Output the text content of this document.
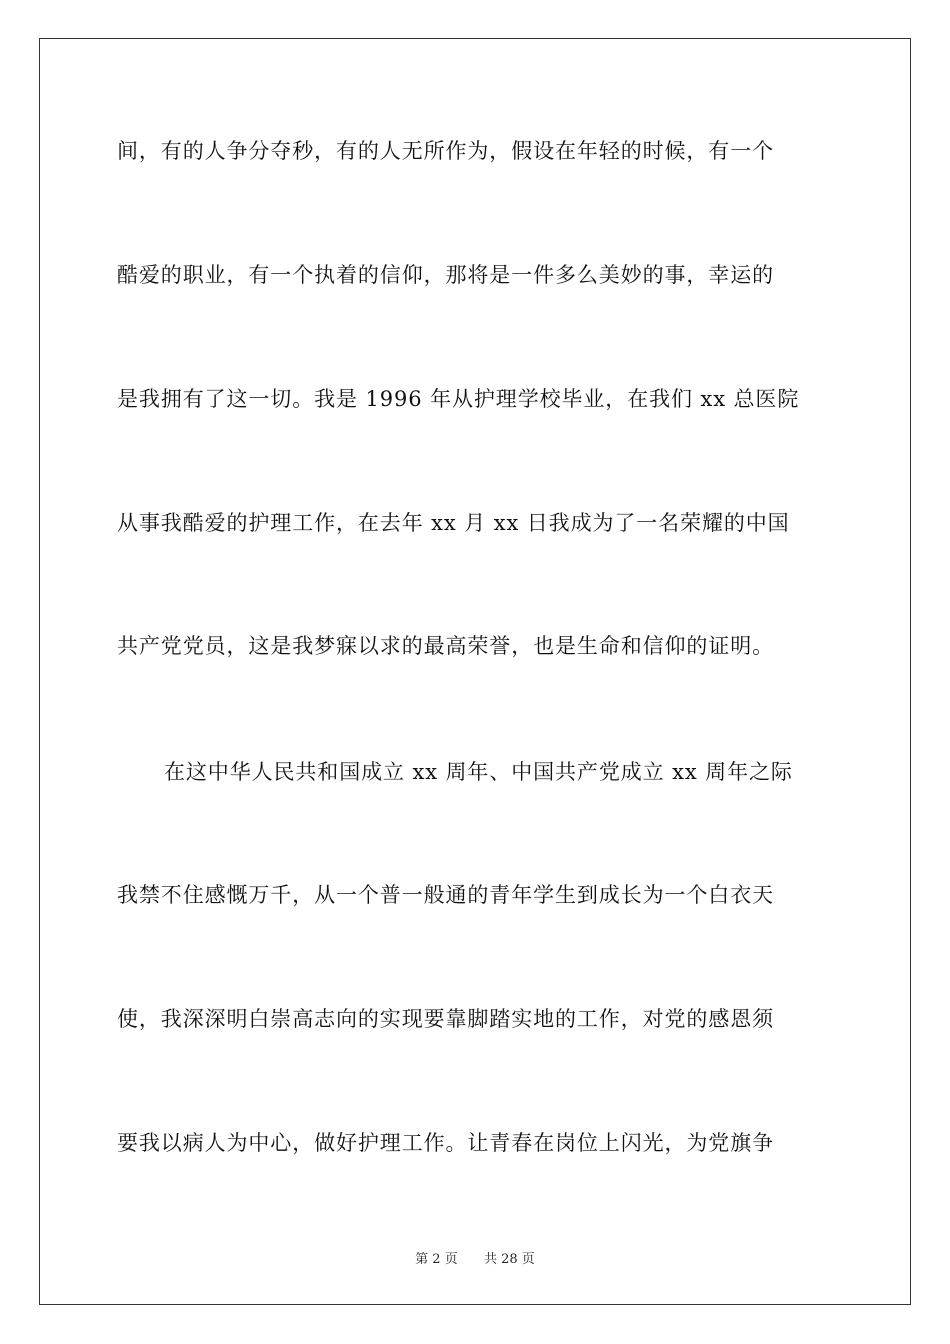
间，有的人争分夺秒，有的人无所作为，假设在年轻的时候，有一个
酷爱的职业，有一个执着的信仰，那将是一件多么美妙的事，幸运的
是我拥有了这一切。我是 1996 年从护理学校毕业，在我们 xx 总医院
从事我酷爱的护理工作，在去年 xx 月 xx 日我成为了一名荣耀的中国
共产党党员，这是我梦寐以求的最高荣誉，也是生命和信仰的证明。
在这中华人民共和国成立 xx 周年、中国共产党成立 xx 周年之际
我禁不住感慨万千，从一个普一般通的青年学生到成长为一个白衣天
使，我深深明白崇高志向的实现要靠脚踏实地的工作，对党的感恩须
要我以病人为中心，做好护理工作。让青春在岗位上闪光，为党旗争
第 2 页 共 28 页
